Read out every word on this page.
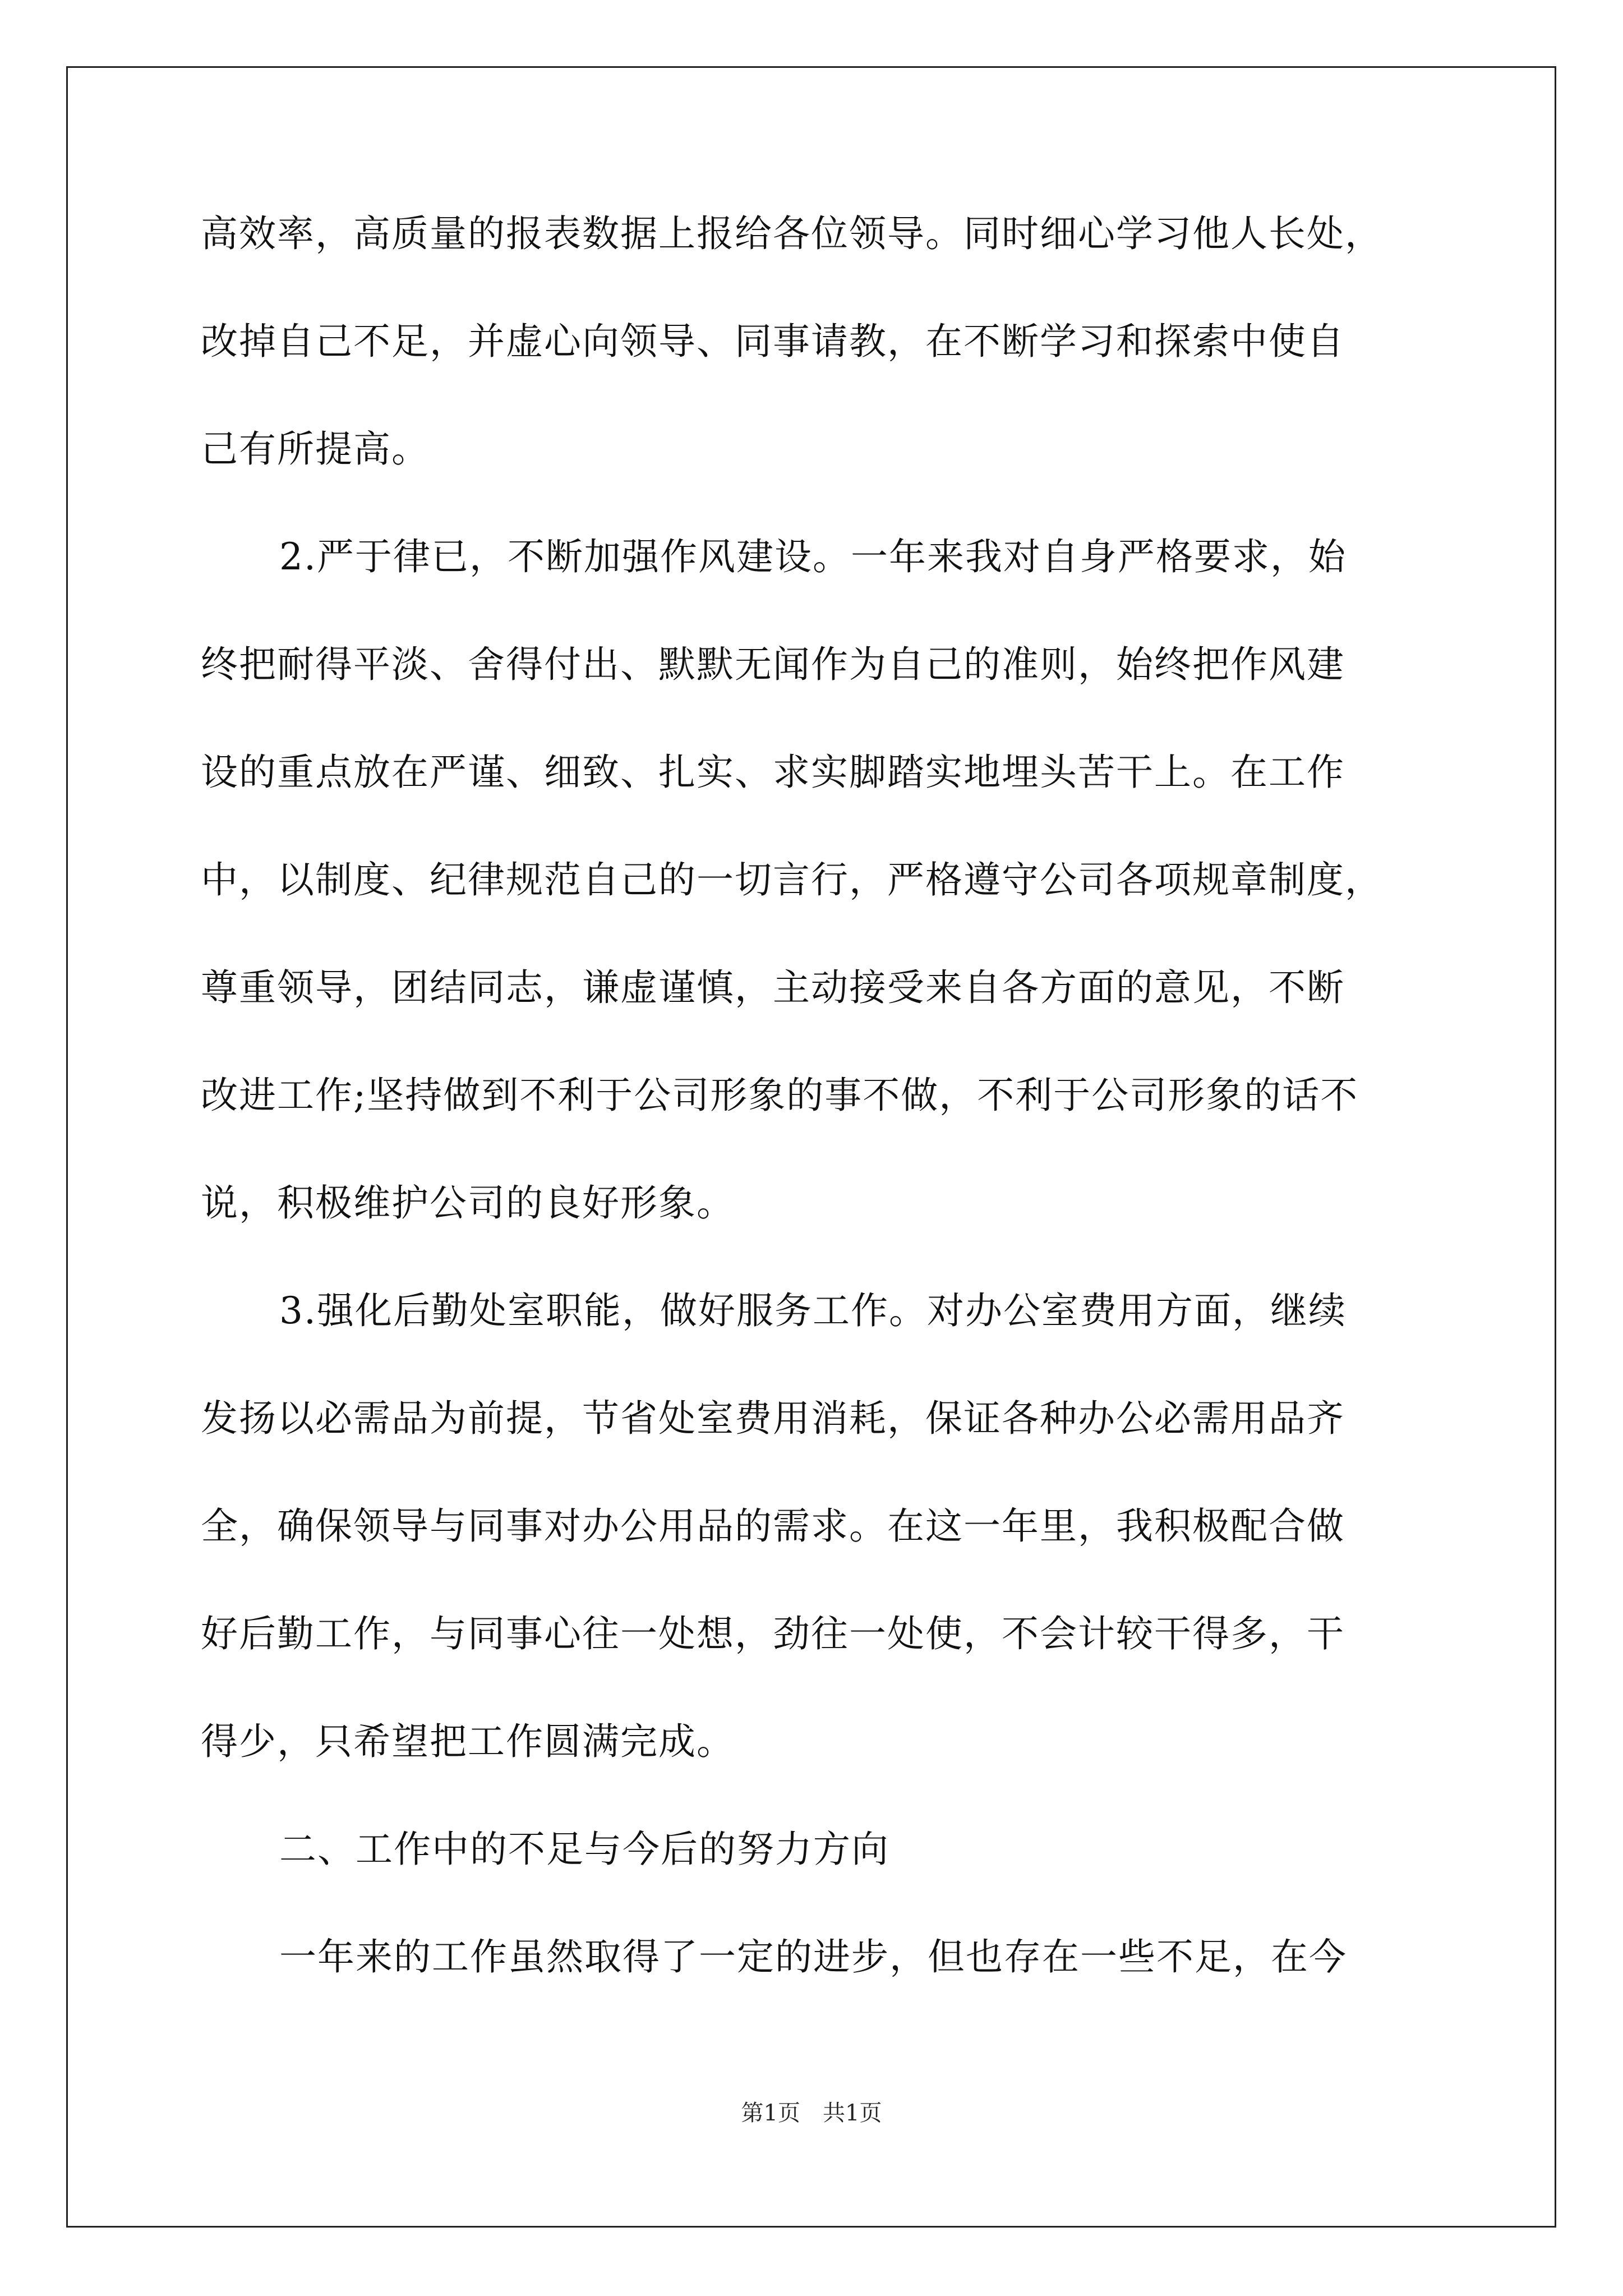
高效率，高质量的报表数据上报给各位领导。同时细心学习他人长处，
改掉自己不足，并虚心向领导、同事请教，在不断学习和探索中使自
己有所提高。
2.严于律已，不断加强作风建设。一年来我对自身严格要求，始
终把耐得平淡、舍得付出、默默无闻作为自己的准则，始终把作风建
设的重点放在严谨、细致、扎实、求实脚踏实地埋头苦干上。在工作
中，以制度、纪律规范自己的一切言行，严格遵守公司各项规章制度，
尊重领导，团结同志，谦虚谨慎，主动接受来自各方面的意见，不断
改进工作;坚持做到不利于公司形象的事不做，不利于公司形象的话不
说，积极维护公司的良好形象。
3.强化后勤处室职能，做好服务工作。对办公室费用方面，继续
发扬以必需品为前提，节省处室费用消耗，保证各种办公必需用品齐
全，确保领导与同事对办公用品的需求。在这一年里，我积极配合做
好后勤工作，与同事心往一处想，劲往一处使，不会计较干得多，干
得少，只希望把工作圆满完成。
二、工作中的不足与今后的努力方向
一年来的工作虽然取得了一定的进步，但也存在一些不足，在今
第1页　共1页
